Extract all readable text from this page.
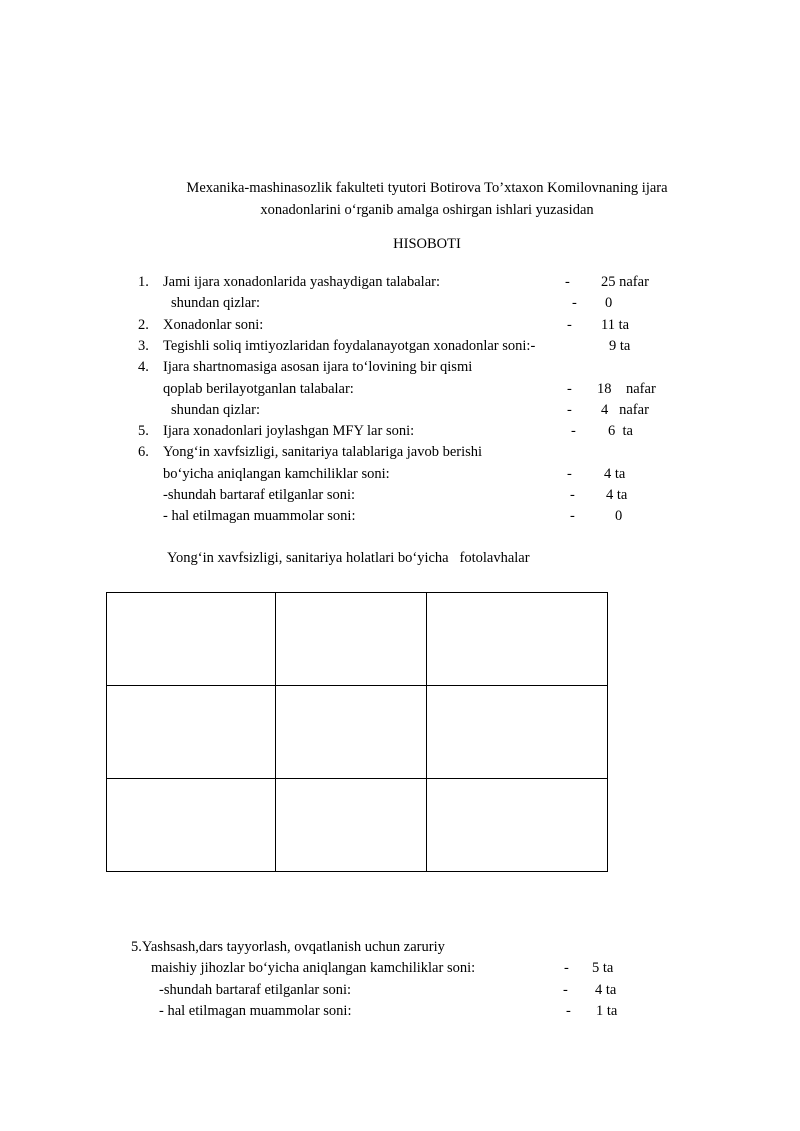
Mexanika-mashinasozlik fakulteti tyutori Botirova To’xtaxon Komilovnaning ijara
xonadonlarini o‘rganib amalga oshirgan ishlari yuzasidan
HISOBOTI
1. Jami ijara xonadonlarida yashaydigan talabalar:	- 25 nafar
shundan qizlar:	- 0
2. Xonadonlar soni:	- 11 ta
3. Tegishli soliq imtiyozlaridan foydalanayotgan xonadonlar soni:-	9 ta
4. Ijara shartnomasiga asosan ijara to‘lovining bir qismi
qoplab berilayotganlan talabalar:	- 18    nafar
shundan qizlar:	- 4   nafar
5. Ijara xonadonlari joylashgan MFY lar soni:	- 6  ta
6. Yong‘in xavfsizligi, sanitariya talablariga javob berishi
bo‘yicha aniqlangan kamchiliklar soni:	- 4 ta
-shundah bartaraf etilganlar soni:	- 4 ta
- hal etilmagan muammolar soni:	-	0
Yong‘in xavfsizligi, sanitariya holatlari bo‘yicha   fotolavhalar

5.Yashsash,dars tayyorlash, ovqatlanish uchun zaruriy
maishiy jihozlar bo‘yicha aniqlangan kamchiliklar soni:	- 5 ta
-shundah bartaraf etilganlar soni:	- 4 ta
- hal etilmagan muammolar soni:	- 1 ta
